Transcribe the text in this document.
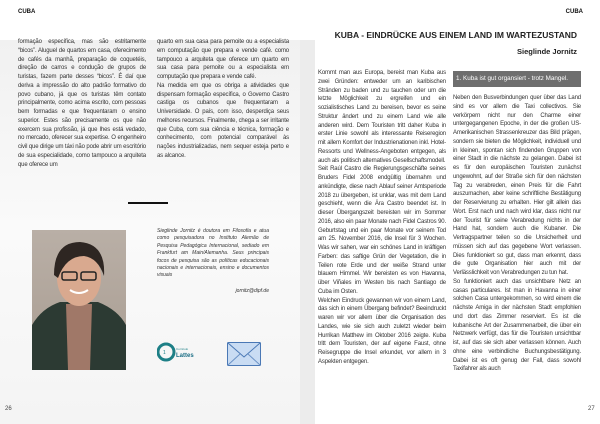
CUBA

formação específica, mas são estritamente “bicos”. Aluguel de quartos em casa, oferecimento de cafés da manhã, preparação de coquetéis, direção de carros e condução de grupos de turistas, fazem parte desses “bicos”. É daí que deriva a impressão do alto padrão formativo do povo cubano, já que os turistas têm contato principalmente, como acima escrito, com pessoas bem formadas e que frequentaram o ensino superior. Estes são precisamente os que não exercem sua profissão, já que lhes está vedado, no mercado, oferecer sua expertise. O engenheiro civil que dirige um táxi não pode abrir um escritório de sua especialidade, como tampouco a arquiteta que oferece um

quarto em sua casa para pernoite ou a especialista em computação que prepara e vende café. como tampouco a arquiteta que oferece um quarto em sua casa para pernoite ou a especialista em computação que prepara e vende café.

Na medida em que os obriga a atividades que dispensam formação específica, o Governo Castro castiga os cubanos que frequentaram a Universidade. O país, com isso, desperdiça seus melhores recursos. Finalmente, chega a ser irritante que Cuba, com sua ciência e técnica, formação e conhecimento, com potencial comparável às nações industrializadas, nem sequer esteja perto e as alcance.

Sieglinde Jornitz é doutora em Filosofia e atua como pesquisadora no Instituto Alemão de Pesquisa Pedagógica Internacional, sediado em Frankfurt am Main/Alemanha. Seus principais focos de pesquisa são as políticas educacionais nacionais e internacionais, ensino e documentos visuais
jornitz@dipf.de
1
Currículo
Lattes
26
CUBA
KUBA - EINDRÜCKE AUS EINEM LAND IM WARTEZUSTAND
Sieglinde Jornitz

Kommt man aus Europa, bereist man Kuba aus zwei Gründen: entweder um an karibischen Stränden zu baden und zu tauchen oder um die letzte Möglichkeit zu ergreifen und ein sozialistisches Land zu bereisen, bevor es seine Struktur ändert und zu einem Land wie alle anderen wird. Dem Touristen tritt daher Kuba in erster Linie sowohl als interessante Reiseregion mit allem Komfort der Industrienationen inkl. Hotel-Ressorts und Wellness-Angeboten entgegen, als auch als politisch alternatives Gesellschaftsmodell.

Seit Raúl Castro die Regierungsgeschäfte seines Bruders Fidel 2008 endgültig übernahm und ankündigte, diese nach Ablauf seiner Amtsperiode 2018 zu übergeben, ist unklar, was mit dem Land geschieht, wenn die Ära Castro beendet ist. In dieser Übergangszeit bereisten wir im Sommer 2016, also ein paar Monate nach Fidel Castros 90. Geburtstag und ein paar Monate vor seinem Tod am 25. November 2016, die Insel für 3 Wochen. Was wir sahen, war ein schönes Land in kräftigen Farben: das saftige Grün der Vegetation, die in Teilen rote Erde und der weiße Strand unter blauem Himmel. Wir bereisten es von Havanna, über Viñales im Westen bis nach Santiago de Cuba im Osten.

Welchen Eindruck gewannen wir von einem Land, das sich in einem Übergang befindet? Beeindruckt waren wir vor allem über die Organisation des Landes, wie sie sich auch zuletzt wieder beim Hurrikan Matthew im Oktober 2016 zeigte. Kuba tritt dem Touristen, der auf eigene Faust, ohne Reisegruppe die Insel erkundet, vor allem in 3 Aspekten entgegen.

1. Kuba ist gut organsiert - trotz Mangel.

Neben den Busverbindungen quer über das Land sind es vor allem die Taxi collectivos. Sie verkörpern nicht nur den Charme einer untergegangenen Epoche, in der die großen US-Amerikanischen Strassenkreuzer das Bild prägen, sondern sie bieten die Möglichkeit, individuell und in kleinen, spontan sich findenden Gruppen von einer Stadt in die nächste zu gelangen. Dabei ist es für den europäischen Touristen zunächst ungewohnt, auf der Straße sich für den nächsten Tag zu verabreden, einen Preis für die Fahrt auszumachen, aber keine schriftliche Bestätigung der Reservierung zu erhalten. Hier gilt allein das Wort. Erst nach und nach wird klar, dass nicht nur der Tourist für seine Verabredung nichts in der Hand hat, sondern auch die Kubaner. Die Vertragspartner teilen so die Unsicherheit und müssen sich auf das gegebene Wort verlassen. Dies funktioniert so gut, dass man erkennt, dass die gute Organisation hier auch mit der Verlässlichkeit von Verabredungen zu tun hat.

So funktioniert auch das unsichtbare Netz an casas particulares. Ist man in Havanna in einer solchen Casa untergekommen, so wird einem die nächste Amiga in der nächsten Stadt empfohlen und dort das Zimmer reserviert. Es ist die kubanische Art der Zusammenarbeit, die über ein Netzwerk verfügt, das für die Touristen unsichtbar ist, auf das sie sich aber verlassen können. Auch ohne eine verbindliche Buchungsbestätigung. Dabei ist es oft genug der Fall, dass sowohl Taxifahrer als auch

27
